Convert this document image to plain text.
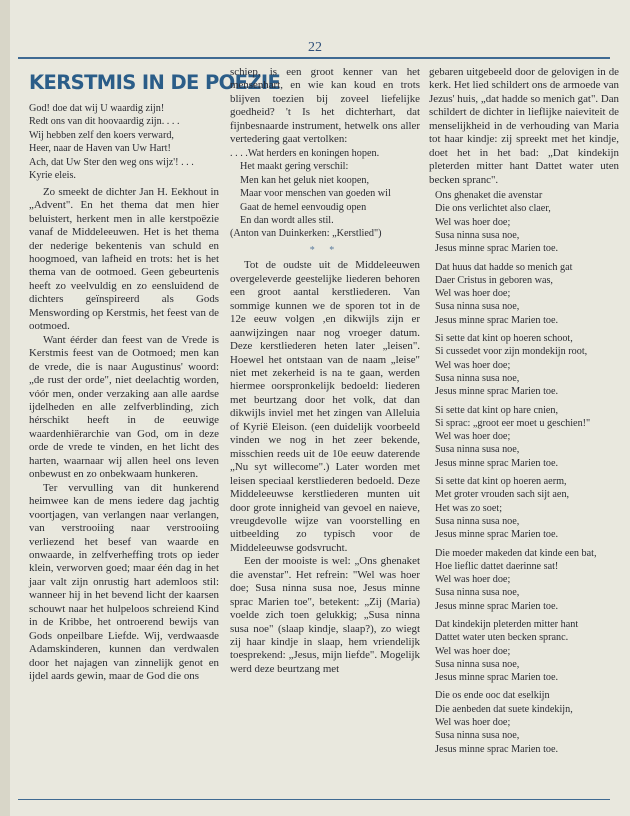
22
KERSTMIS IN DE POEZIE
God! doe dat wij U waardig zijn!
Redt ons van dit hoovaardig zijn. . . .
Wij hebben zelf den koers verward,
Heer, naar de Haven van Uw Hart!
Ach, dat Uw Ster den weg ons wijz'! . . .
Kyrie eleis.

Zo smeekt de dichter Jan H. Eekhout in „Advent". En het thema dat men hier beluistert, herkent men in alle kerstpoëzie vanaf de Middeleeuwen. Het is het thema der nederige bekentenis van schuld en hoogmoed, van lafheid en trots: het is het thema van de ootmoed. Geen gebeurtenis heeft zo veelvuldig en zo eensluidend de dichters geïnspireerd als Gods Menswording op Kerstmis, het feest van de ootmoed.

Want éérder dan feest van de Vrede is Kerstmis feest van de Ootmoed; men kan de vrede, die is naar Augustinus' woord: „de rust der orde", niet deelachtig worden, vóór men, onder verzaking aan alle aardse ijdelheden en alle zelfverblinding, zich hérschikt heeft in de eeuwige waardenhiërarchie van God, om in deze orde de vrede te vinden, en het licht des harten, waarnaar wij allen heel ons leven onbewust en zo onbekwaam hunkeren.

Ter vervulling van dit hunkerend heimwee kan de mens iedere dag jachtig voortjagen, van verlangen naar verlangen, van verstrooiing naar verstrooiing verliezend het besef van waarde en onwaarde, in zelfverheffing trots op ieder klein, verworven goed; maar één dag in het jaar valt zijn onrustig hart ademloos stil: wanneer hij in het bevend licht der kaarsen schouwt naar het hulpeloos schreiend Kind in de Kribbe, het ontroerend bewijs van Gods onpeilbare Liefde. Wij, verdwaasde Adamskinderen, kunnen dan verdwalen door het najagen van zinnelijk genot en ijdel aards gewin, maar de God die ons

schiep, is een groot kenner van het mensenhart, en wie kan koud en trots blijven toezien bij zoveel liefelijke goedheid? 't Is het dichterhart, dat fijnbesnaarde instrument, hetwelk ons aller vertedering gaat vertolken:

. . . .Wat herders en koningen hopen.
Het maakt gering verschil:
Men kan het geluk niet koopen,
Maar voor menschen van goeden wil
Gaat de hemel eenvoudig open
En dan wordt alles stil.
(Anton van Duinkerken: „Kerstlied")
* *

Tot de oudste uit de Middeleeuwen overgeleverde geestelijke liederen behoren een groot aantal kerstliederen. Van sommige kunnen we de sporen tot in de 12e eeuw volgen ,en dikwijls zijn er aanwijzingen naar nog vroeger datum. Deze kerstliederen heten later „leisen". Hoewel het ontstaan van de naam „leise" niet met zekerheid is na te gaan, werden hiermee oorspronkelijk bedoeld: liederen met beurtzang door het volk, dat dan dikwijls inviel met het zingen van Alleluia of Kyrië Eleison. (een duidelijk voorbeeld vinden we nog in het zeer bekende, misschien reeds uit de 10e eeuw daterende „Nu syt willecome".) Later worden met leisen speciaal kerstliederen bedoeld. Deze Middeleeuwse kerstliederen munten uit door grote innigheid van gevoel en naieve, vreugdevolle wijze van voorstelling en uitbeelding zo typisch voor de Middeleeuwse godsvrucht.

Een der mooiste is wel: „Ons ghenaket die avenstar". Het refrein: "Wel was hoer doe; Susa ninna susa noe, Jesus minne sprac Marien toe", betekent: „Zij (Maria) voelde zich toen gelukkig; „Susa ninna susa noe" (slaap kindje, slaap?), zo wiegt zij haar kindje in slaap, hem vriendelijk toesprekend: „Jesus, mijn liefde". Mogelijk werd deze beurtzang met

gebaren uitgebeeld door de gelovigen in de kerk. Het lied schildert ons de armoede van Jezus' huis, „dat hadde so menich gat". Dan schildert de dichter in lieflijke naieviteit de menselijkheid in de verhouding van Maria tot haar kindje: zij spreekt met het kindje, doet het in het bad: „Dat kindekijn pleterden mitter hant Dattet water uten becken spranc".

Ons ghenaket die avenstar
Die ons verlichtet also claer,
Wel was hoer doe;
Susa ninna susa noe,
Jesus minne sprac Marien toe.
Dat huus dat hadde so menich gat
Daer Cristus in geboren was,
Wel was hoer doe;
Susa ninna susa noe,
Jesus minne sprac Marien toe.
Si sette dat kint op hoeren schoot,
Si cussedet voor zijn mondekijn root,
Wel was hoer doe;
Susa ninna susa noe,
Jesus minne sprac Marien toe.
Si sette dat kint op hare cnien,
Si sprac: „groot eer moet u geschien!"
Wel was hoer doe;
Susa ninna susa noe,
Jesus minne sprac Marien toe.
Si sette dat kint op hoeren aerm,
Met groter vrouden sach sijt aen,
Het was zo soet;
Susa ninna susa noe,
Jesus minne sprac Marien toe.
Die moeder makeden dat kinde een bat,
Hoe lieflic dattet daerinne sat!
Wel was hoer doe;
Susa ninna susa noe,
Jesus minne sprac Marien toe.
Dat kindekijn pleterden mitter hant
Dattet water uten becken spranc.
Wel was hoer doe;
Susa ninna susa noe,
Jesus minne sprac Marien toe.
Die os ende ooc dat eselkijn
Die aenbeden dat suete kindekijn,
Wel was hoer doe;
Susa ninna susa noe,
Jesus minne sprac Marien toe.
